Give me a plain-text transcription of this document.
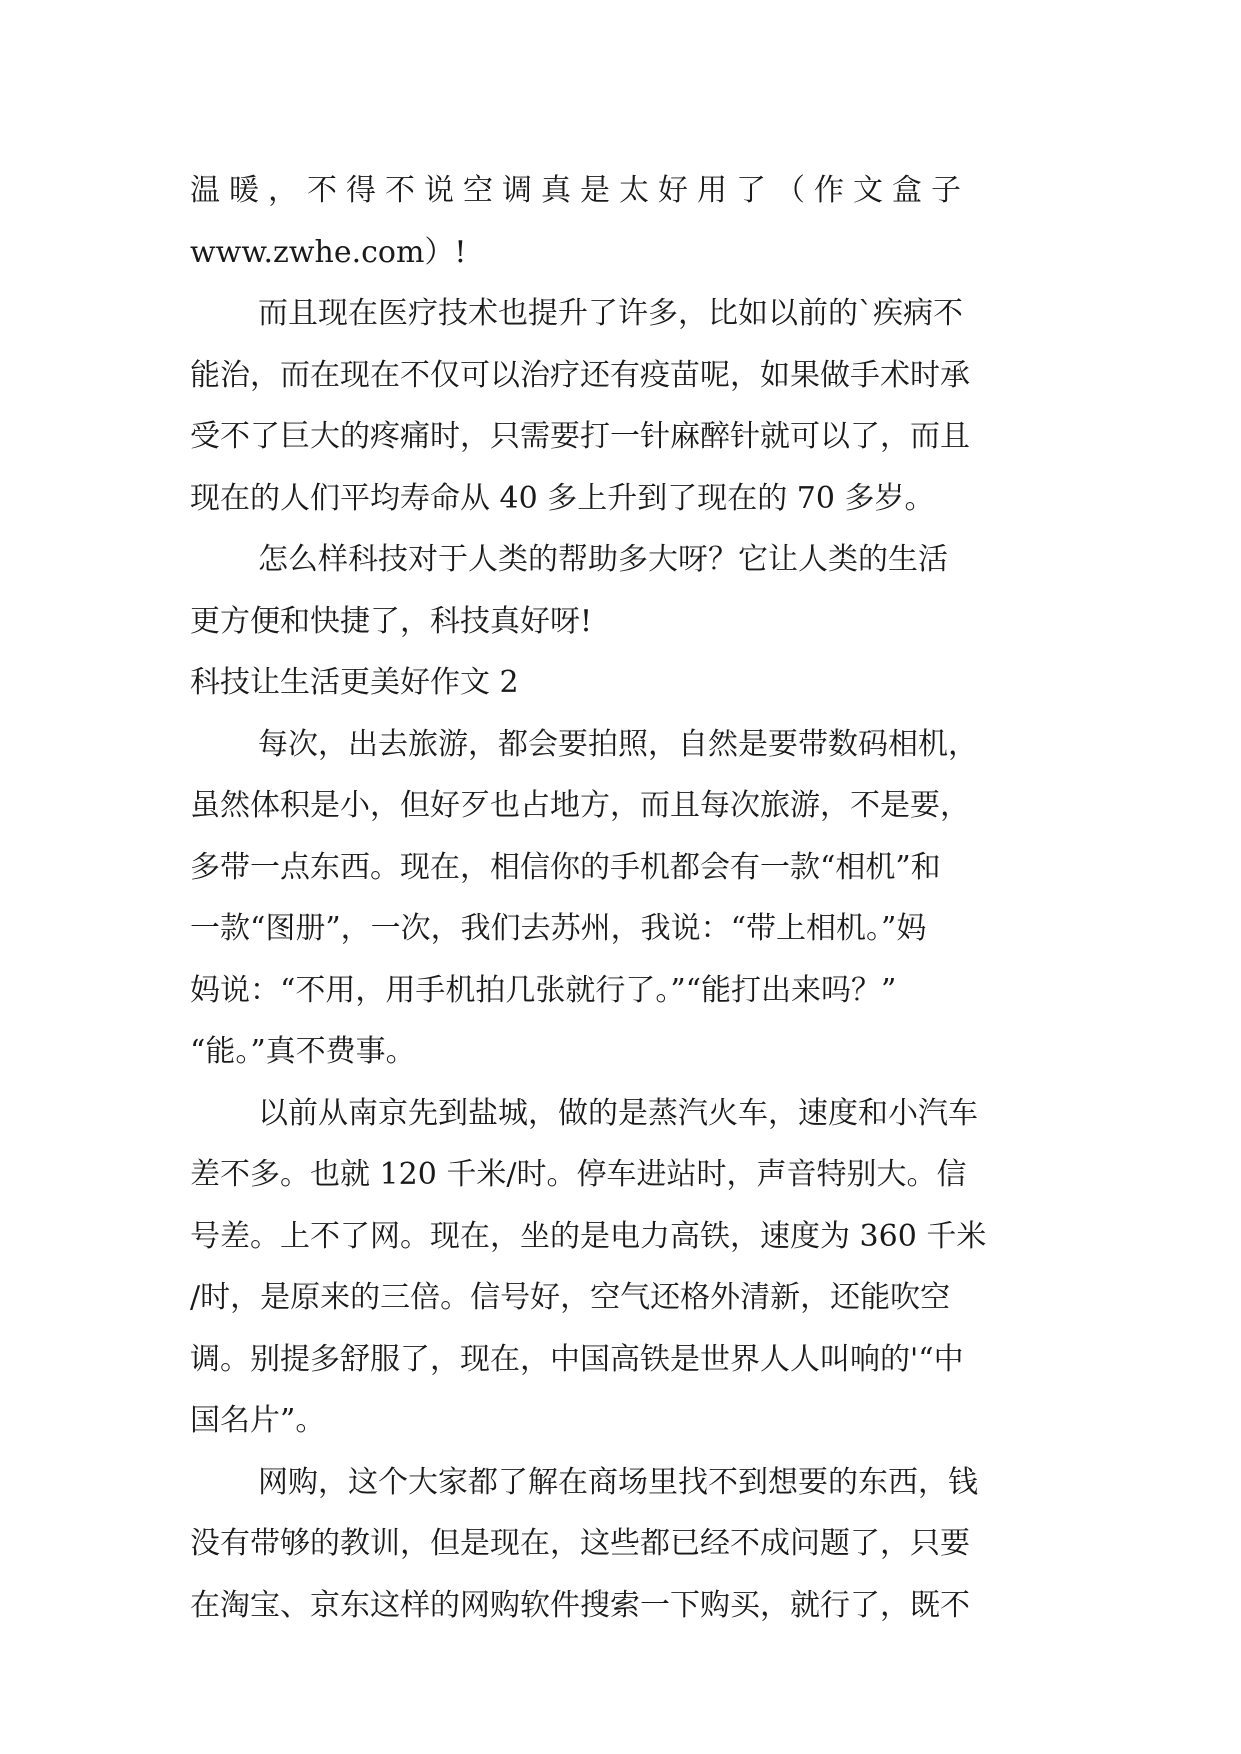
温暖，不得不说空调真是太好用了（作文盒子
www.zwhe.com）!
而且现在医疗技术也提升了许多，比如以前的`疾病不
能治，而在现在不仅可以治疗还有疫苗呢，如果做手术时承
受不了巨大的疼痛时，只需要打一针麻醉针就可以了，而且
现在的人们平均寿命从 40 多上升到了现在的 70 多岁。
怎么样科技对于人类的帮助多大呀？它让人类的生活
更方便和快捷了，科技真好呀!
科技让生活更美好作文 2
每次，出去旅游，都会要拍照，自然是要带数码相机，
虽然体积是小，但好歹也占地方，而且每次旅游，不是要，
多带一点东西。现在，相信你的手机都会有一款“相机”和
一款“图册”，一次，我们去苏州，我说：“带上相机。”妈
妈说：“不用，用手机拍几张就行了。”“能打出来吗？”
“能。”真不费事。
以前从南京先到盐城，做的是蒸汽火车，速度和小汽车
差不多。也就 120 千米/时。停车进站时，声音特别大。信
号差。上不了网。现在，坐的是电力高铁，速度为 360 千米
/时，是原来的三倍。信号好，空气还格外清新，还能吹空
调。别提多舒服了，现在，中国高铁是世界人人叫响的'“中
国名片”。
网购，这个大家都了解在商场里找不到想要的东西，钱
没有带够的教训，但是现在，这些都已经不成问题了，只要
在淘宝、京东这样的网购软件搜索一下购买，就行了，既不
